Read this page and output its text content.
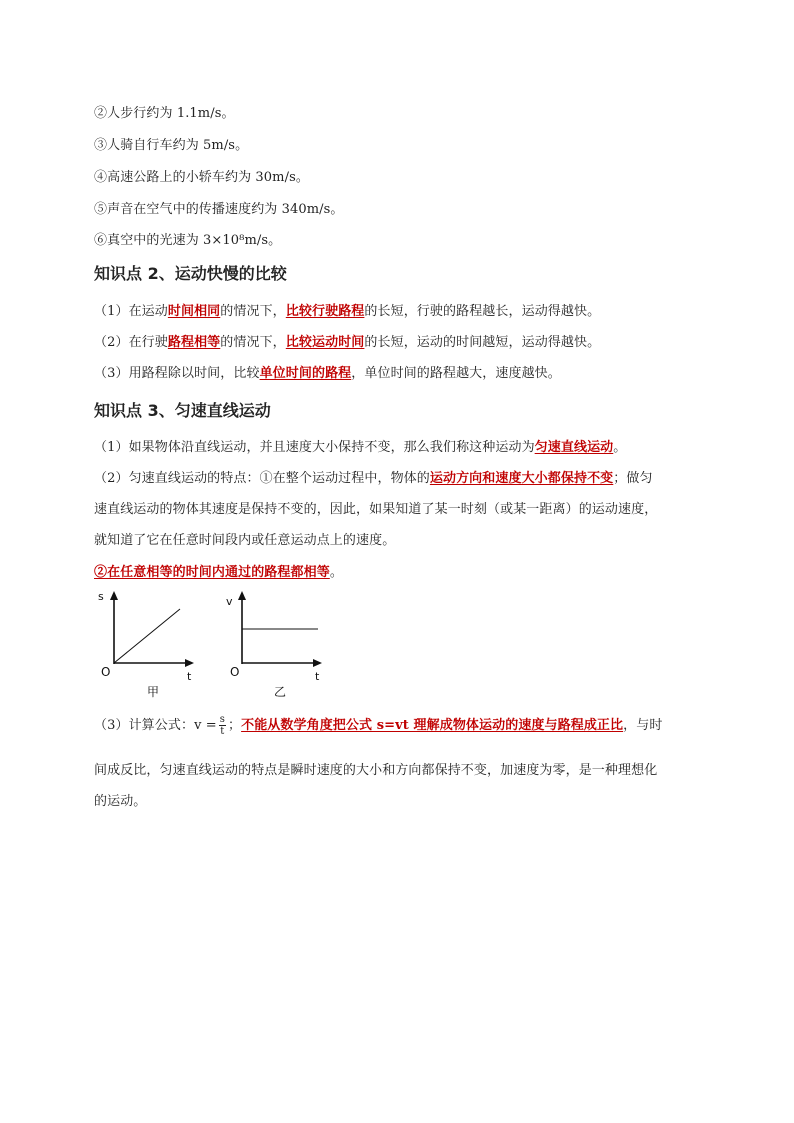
②人步行约为 1.1m/s。
③人骑自行车约为 5m/s。
④高速公路上的小轿车约为 30m/s。
⑤声音在空气中的传播速度约为 340m/s。
⑥真空中的光速为 3×10⁸m/s。
知识点 2、运动快慢的比较
（1）在运动时间相同的情况下，比较行驶路程的长短，行驶的路程越长，运动得越快。
（2）在行驶路程相等的情况下，比较运动时间的长短，运动的时间越短，运动得越快。
（3）用路程除以时间，比较单位时间的路程，单位时间的路程越大，速度越快。
知识点 3、匀速直线运动
（1）如果物体沿直线运动，并且速度大小保持不变，那么我们称这种运动为匀速直线运动。
（2）匀速直线运动的特点：①在整个运动过程中，物体的运动方向和速度大小都保持不变；做匀
速直线运动的物体其速度是保持不变的，因此，如果知道了某一时刻（或某一距离）的运动速度，
就知道了它在任意时间段内或任意运动点上的速度。
②在任意相等的时间内通过的路程都相等。
s
O	t
甲
v
O	t
乙
（3）计算公式：$v = \frac{s}{t}$ ；不能从数学角度把公式 s=vt 理解成物体运动的速度与路程成正比，与时
间成反比，匀速直线运动的特点是瞬时速度的大小和方向都保持不变，加速度为零，是一种理想化
的运动。
